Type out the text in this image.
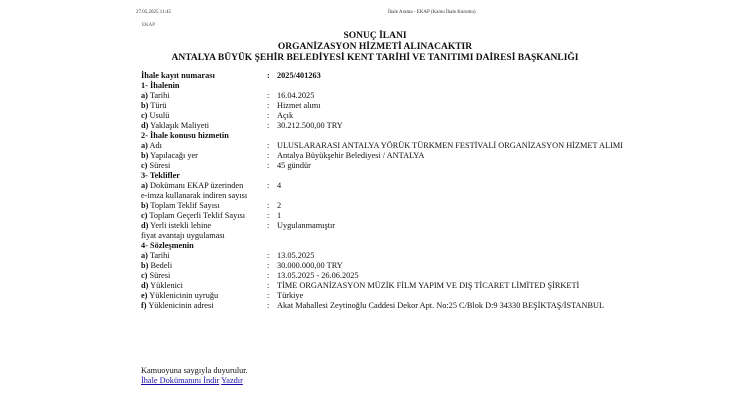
27.05.2025 11:45	İhale Arama - EKAP (Kamu İhale Kurumu)
EKAP
SONUÇ İLANI
ORGANİZASYON HİZMETİ ALINACAKTIR
ANTALYA BÜYÜK ŞEHİR BELEDİYESİ KENT TARİHİ VE TANITIMI DAİRESİ BAŞKANLIĞI
İhale kayıt numarası	:	2025/401263
1- İhalenin		
a) Tarihi	:	16.04.2025
b) Türü	:	Hizmet alımı
c) Usulü	:	Açık
d) Yaklaşık Maliyeti	:	30.212.500,00 TRY
2- İhale konusu hizmetin		
a) Adı	:	ULUSLARARASI ANTALYA YÖRÜK TÜRKMEN FESTİVALİ ORGANİZASYON HİZMET ALIMI
b) Yapılacağı yer	:	Antalya Büyükşehir Belediyesi / ANTALYA
c) Süresi	:	45 gündür
3- Teklifler		
a) Dokümanı EKAP üzerinden
e-imza kullanarak indiren sayısı	:	4
b) Toplam Teklif Sayısı	:	2
c) Toplam Geçerli Teklif Sayısı	:	1
d) Yerli istekli lehine
fiyat avantajı uygulaması	:	Uygulanmamıştır
4- Sözleşmenin		
a) Tarihi	:	13.05.2025
b) Bedeli	:	30.000.000,00 TRY
c) Süresi	:	13.05.2025 - 26.06.2025
d) Yüklenici	:	TİME ORGANİZASYON MÜZİK FİLM YAPIM VE DIŞ TİCARET LİMİTED ŞİRKETİ
e) Yüklenicinin uyruğu	:	Türkiye
f) Yüklenicinin adresi	:	Akat Mahallesi Zeytinoğlu Caddesi Dekor Apt. No:25 C/Blok D:9 34330 BEŞİKTAŞ/İSTANBUL
Kamuoyuna saygıyla duyurulur.
İhale Dokümanını İndir Yazdır
